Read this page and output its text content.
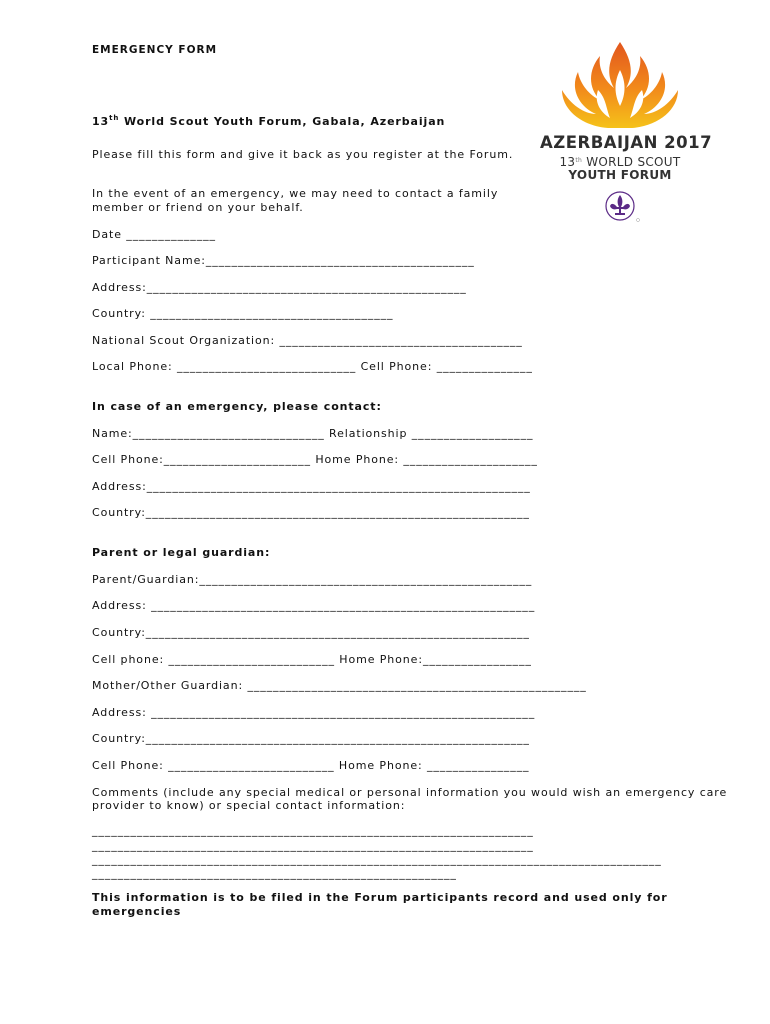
EMERGENCY FORM
13th World Scout Youth Forum, Gabala, Azerbaijan
AZERBAIJAN 2017
13th WORLD SCOUT
YOUTH FORUM
Please fill this form and give it back as you register at the Forum.
In the event of an emergency, we may need to contact a family
member or friend on your behalf.
Date ______________
Participant Name:__________________________________________
Address:__________________________________________________
Country: ______________________________________
National Scout Organization: ______________________________________
Local Phone: ____________________________ Cell Phone: _______________
In case of an emergency, please contact:
Name:______________________________ Relationship ___________________
Cell Phone:_______________________ Home Phone: _____________________
Address:____________________________________________________________
Country:____________________________________________________________
Parent or legal guardian:
Parent/Guardian:____________________________________________________
Address: ____________________________________________________________
Country:____________________________________________________________
Cell phone: __________________________ Home Phone:_________________
Mother/Other Guardian: _____________________________________________________
Address: ____________________________________________________________
Country:____________________________________________________________
Cell Phone: __________________________ Home Phone: ________________
Comments (include any special medical or personal information you would wish an emergency care
provider to know) or special contact information:
_____________________________________________________________________
_____________________________________________________________________
_________________________________________________________________________________________
_________________________________________________________
This information is to be filed in the Forum participants record and used only for
emergencies
